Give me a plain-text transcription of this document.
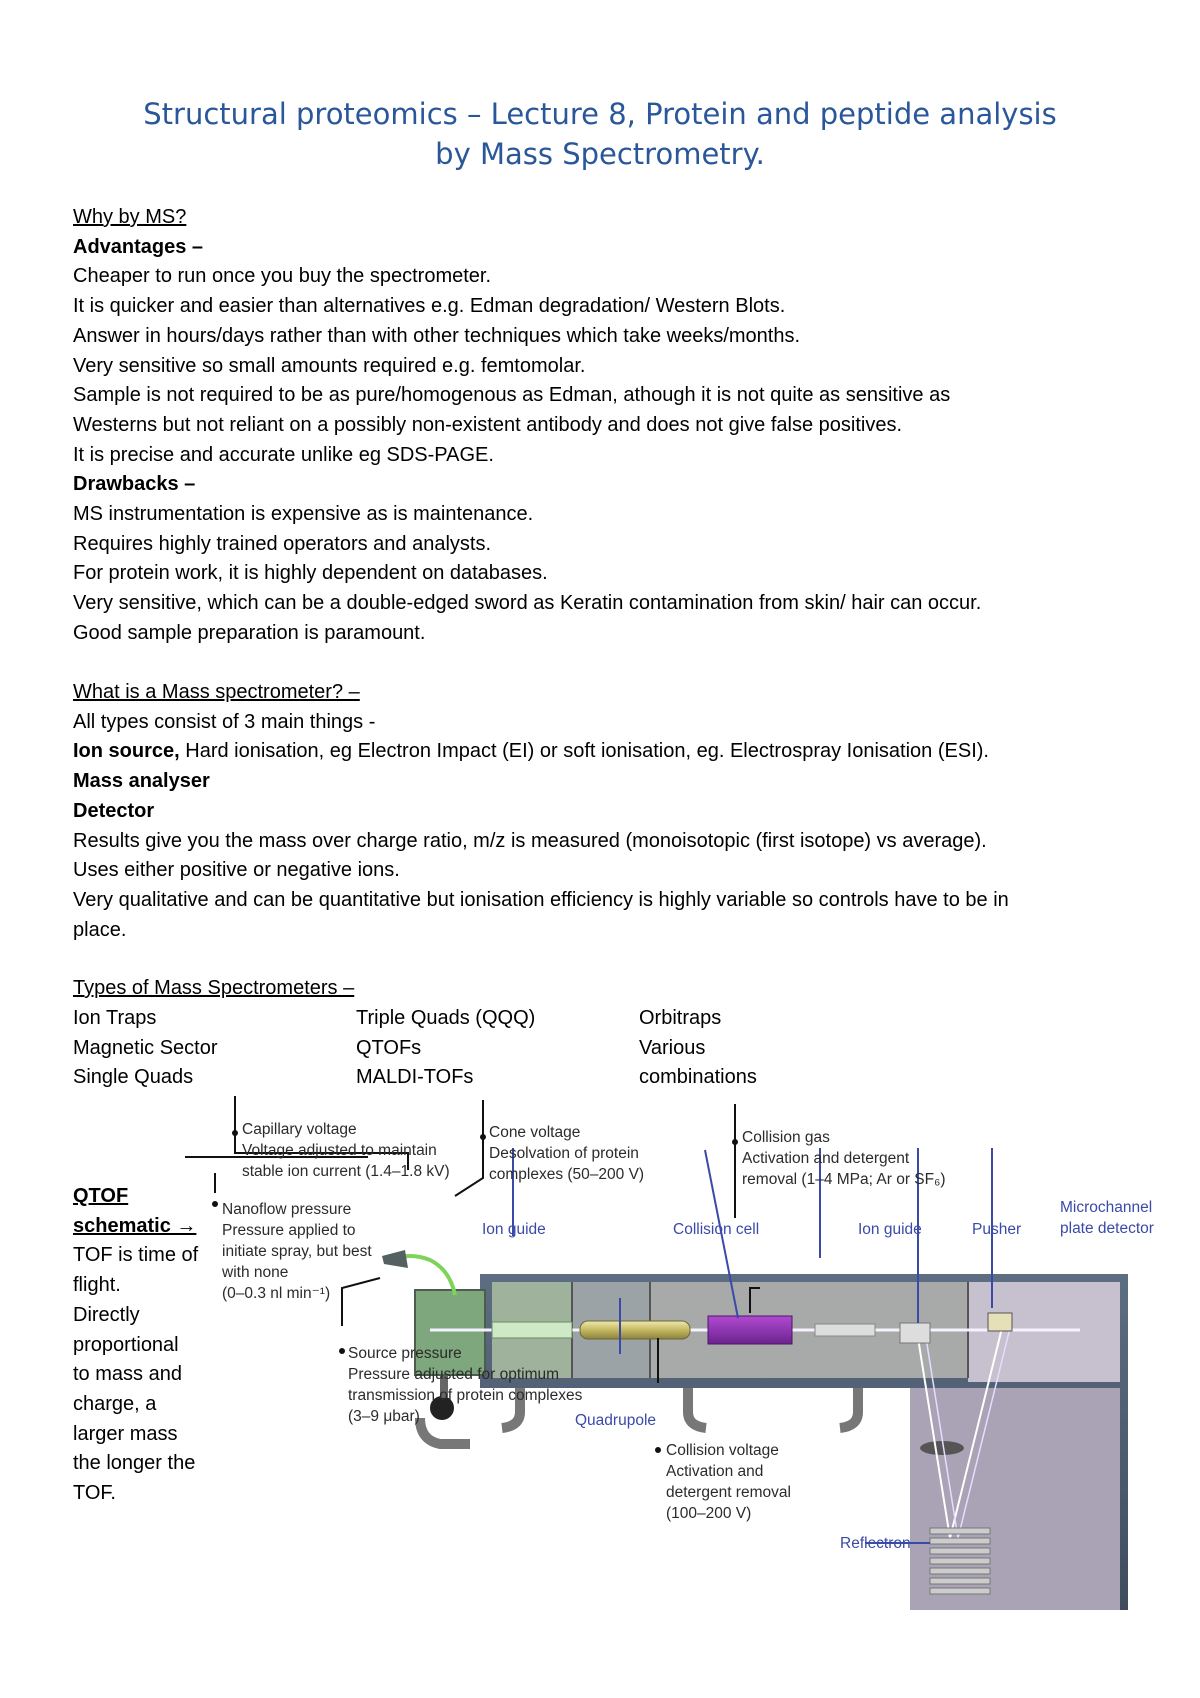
Structural proteomics – Lecture 8, Protein and peptide analysis
by Mass Spectrometry.
Why by MS?
Advantages –
Cheaper to run once you buy the spectrometer.
It is quicker and easier than alternatives e.g. Edman degradation/ Western Blots.
Answer in hours/days rather than with other techniques which take weeks/months.
Very sensitive so small amounts required e.g. femtomolar.
Sample is not required to be as pure/homogenous as Edman, athough it is not quite as sensitive as
Westerns but not reliant on a possibly non-existent antibody and does not give false positives.
It is precise and accurate unlike eg SDS-PAGE.
Drawbacks –
MS instrumentation is expensive as is maintenance.
Requires highly trained operators and analysts.
For protein work, it is highly dependent on databases.
Very sensitive, which can be a double-edged sword as Keratin contamination from skin/ hair can occur.
Good sample preparation is paramount.
What is a Mass spectrometer? –
All types consist of 3 main things -
Ion source, Hard ionisation, eg Electron Impact (EI) or soft ionisation, eg. Electrospray Ionisation (ESI).
Mass analyser
Detector
Results give you the mass over charge ratio, m/z is measured (monoisotopic (first isotope) vs average).
Uses either positive or negative ions.
Very qualitative and can be quantitative but ionisation efficiency is highly variable so controls have to be in
place.
Types of Mass Spectrometers –
Ion Traps	Triple Quads (QQQ)	Orbitraps
Magnetic Sector	QTOFs	Various
Single Quads	MALDI-TOFs	combinations
QTOF
schematic →
TOF is time of
flight.
Directly
proportional
to mass and
charge, a
larger mass
the longer the
TOF.
Capillary voltage Voltage adjusted to maintain stable ion current (1.4–1.8 kV)
Cone voltage Desolvation of protein complexes (50–200 V)
Collision gas Activation and detergent removal (1–4 MPa; Ar or SF₆)
Nanoflow pressure Pressure applied to initiate spray, but best with none (0–0.3 nl min⁻¹)
Source pressure Pressure adjusted for optimum transmission of protein complexes (3–9 μbar)
Collision voltage Activation and detergent removal (100–200 V)
Ion guide	Collision cell	Ion guide	Pusher
Microchannel plate detector
Quadrupole
Reflectron
